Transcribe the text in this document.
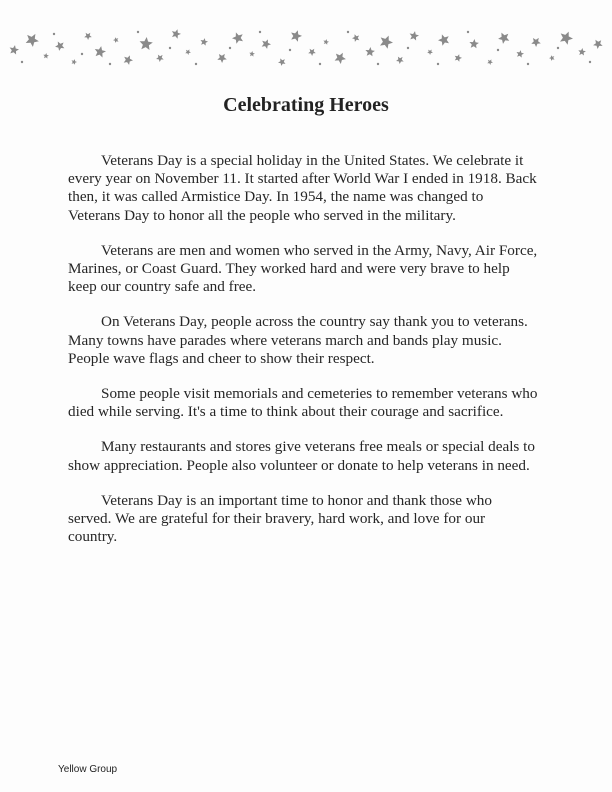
Celebrating Heroes

Veterans Day is a special holiday in the United States. We celebrate it every year on November 11. It started after World War I ended in 1918. Back then, it was called Armistice Day. In 1954, the name was changed to Veterans Day to honor all the people who served in the military.

Veterans are men and women who served in the Army, Navy, Air Force, Marines, or Coast Guard. They worked hard and were very brave to help keep our country safe and free.

On Veterans Day, people across the country say thank you to veterans. Many towns have parades where veterans march and bands play music. People wave flags and cheer to show their respect.

Some people visit memorials and cemeteries to remember veterans who died while serving. It's a time to think about their courage and sacrifice.

Many restaurants and stores give veterans free meals or special deals to show appreciation. People also volunteer or donate to help veterans in need.

Veterans Day is an important time to honor and thank those who served. We are grateful for their bravery, hard work, and love for our country.

Yellow Group
